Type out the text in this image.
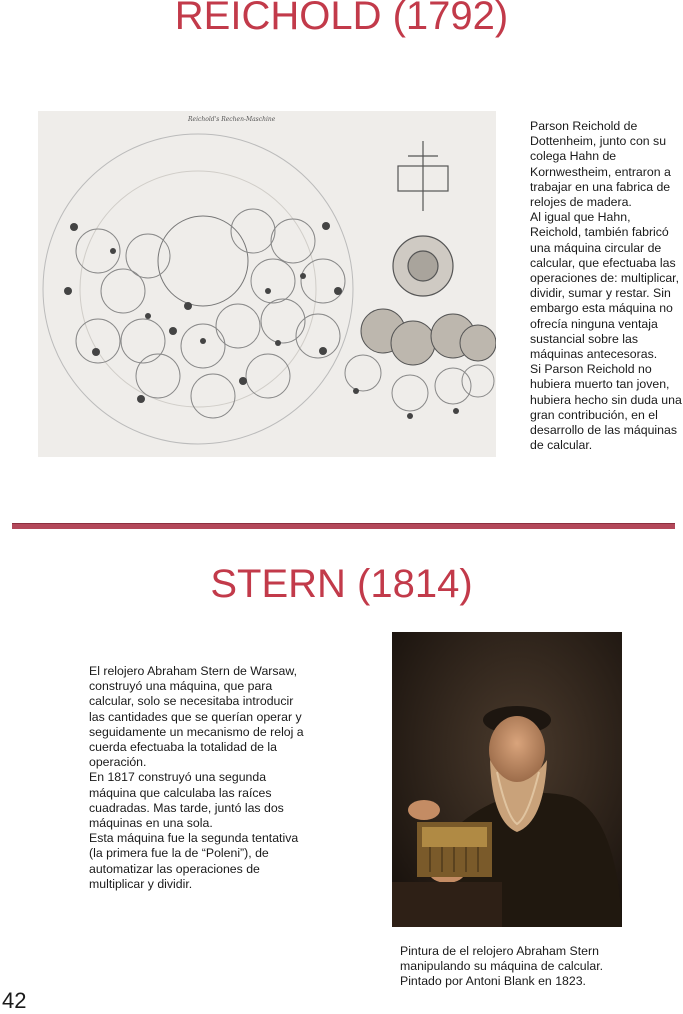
REICHOLD (1792)
Reichold's Rechen-Maschine	Parson Reichold de Dottenheim, junto con su colega Hahn de Kornwestheim, entraron a trabajar en una fabrica de relojes de madera.

Al igual que Hahn, Reichold, también fabricó una máquina circular de calcular, que efectuaba las operaciones de: multiplicar, dividir, sumar y restar. Sin embargo esta máquina no ofrecía ninguna ventaja sustancial sobre las máquinas antecesoras.

Si Parson Reichold no hubiera muerto tan joven, hubiera hecho sin duda una gran contribución, en el desarrollo de las máquinas de calcular.

STERN (1814)

El relojero Abraham Stern de Warsaw, construyó una máquina, que para calcular, solo se necesitaba introducir las cantidades que se querían operar y seguidamente un mecanismo de reloj a cuerda efectuaba la totalidad de la operación.

En 1817 construyó una segunda máquina que calculaba las raíces cuadradas. Mas tarde, juntó las dos máquinas en una sola.

Esta máquina fue la segunda tentativa (la primera fue la de “Poleni”), de automatizar las operaciones de multiplicar y dividir.

Pintura de el relojero Abraham Stern manipulando su máquina de calcular. Pintado por Antoni Blank en 1823.
42
